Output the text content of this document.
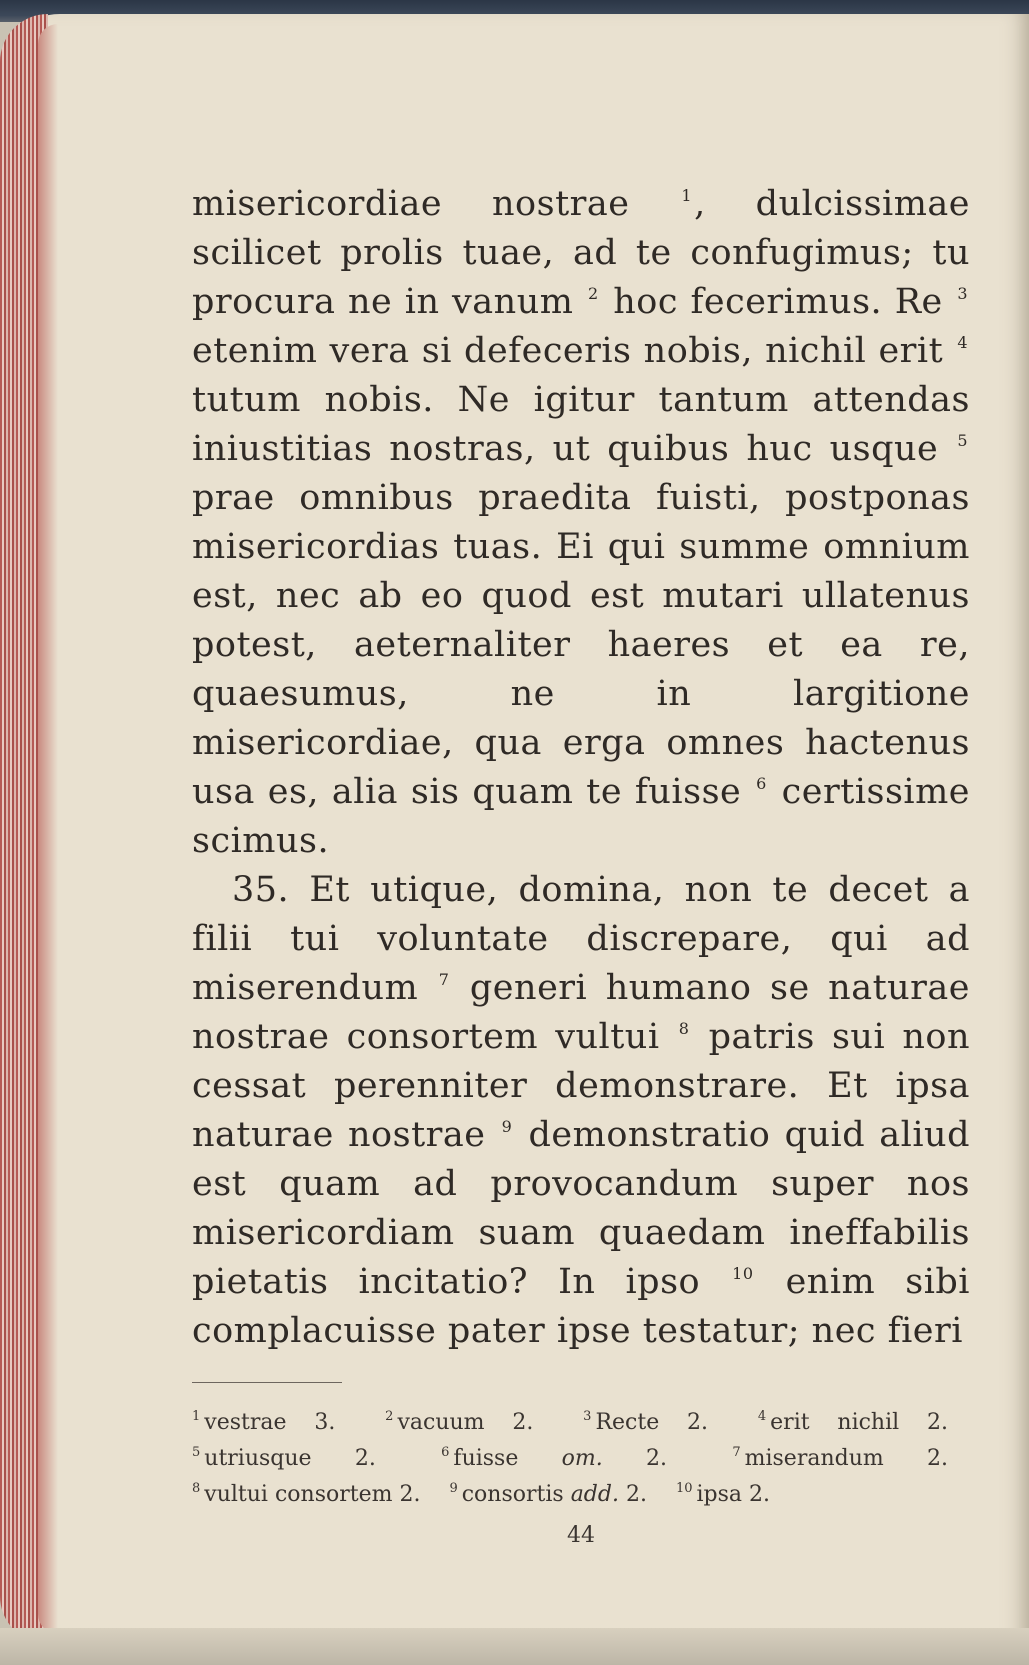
misericordiae nostrae $^1$, dulcissimae scilicet prolis tuae, ad te confugimus; tu procura ne in vanum $^2$ hoc fecerimus. Re $^3$ etenim vera si defeceris nobis, nichil erit $^4$ tutum nobis. Ne igitur tantum attendas iniustitias nostras, ut quibus huc usque $^5$ prae omnibus praedita fuisti, postponas misericordias tuas. Ei qui summe omnium est, nec ab eo quod est mutari ullatenus potest, aeternaliter haeres et ea re, quaesumus, ne in largitione misericordiae, qua erga omnes hactenus usa es, alia sis quam te fuisse $^6$ certissime scimus.

35. Et utique, domina, non te decet a filii tui voluntate discrepare, qui ad miserendum $^7$ generi humano se naturae nostrae consortem vultui $^8$ patris sui non cessat perenniter demonstrare. Et ipsa naturae nostrae $^9$ demonstratio quid aliud est quam ad provocandum super nos misericordiam suam quaedam ineffabilis pietatis incitatio? In ipso $^{10}$ enim sibi complacuisse pater ipse testatur; nec fieri

$^1$ vestrae 3.	$^2$ vacuum 2.	$^3$ Recte 2.	$^4$ erit nichil 2. $^5$ utriusque 2.	$^6$ fuisse om. 2.	$^7$ miserandum 2. $^8$ vultui consortem 2. $^9$ consortis add. 2. $^{10}$ ipsa 2.
44
